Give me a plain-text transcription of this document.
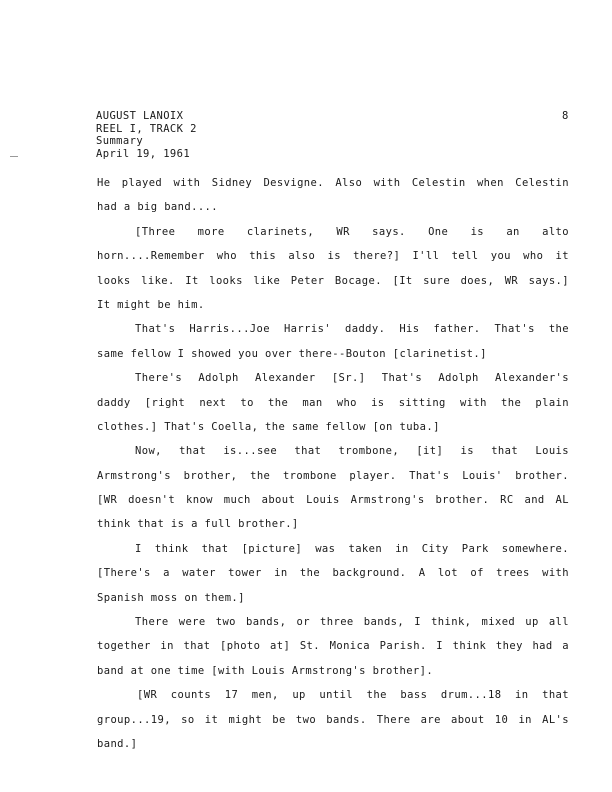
AUGUST LANOIX
REEL I, TRACK 2
Summary
April 19, 1961
8
He played with Sidney Desvigne. Also with Celestin when Celestin
had a big band....
[Three more clarinets, WR says. One is an alto
horn....Remember who this also is there?] I'll tell you who it
looks like. It looks like Peter Bocage. [It sure does, WR says.]
It might be him.
That's Harris...Joe Harris' daddy. His father. That's the
same fellow I showed you over there--Bouton [clarinetist.]
There's Adolph Alexander [Sr.] That's Adolph Alexander's
daddy [right next to the man who is sitting with the plain
clothes.] That's Coella, the same fellow [on tuba.]
Now, that is...see that trombone, [it] is that Louis
Armstrong's brother, the trombone player. That's Louis' brother.
[WR doesn't know much about Louis Armstrong's brother. RC and AL
think that is a full brother.]
I think that [picture] was taken in City Park somewhere.
[There's a water tower in the background. A lot of trees with
Spanish moss on them.]
There were two bands, or three bands, I think, mixed up all
together in that [photo at] St. Monica Parish. I think they had a
band at one time [with Louis Armstrong's brother].
[WR counts 17 men, up until the bass drum...18 in that
group...19, so it might be two bands. There are about 10 in AL's
band.]
